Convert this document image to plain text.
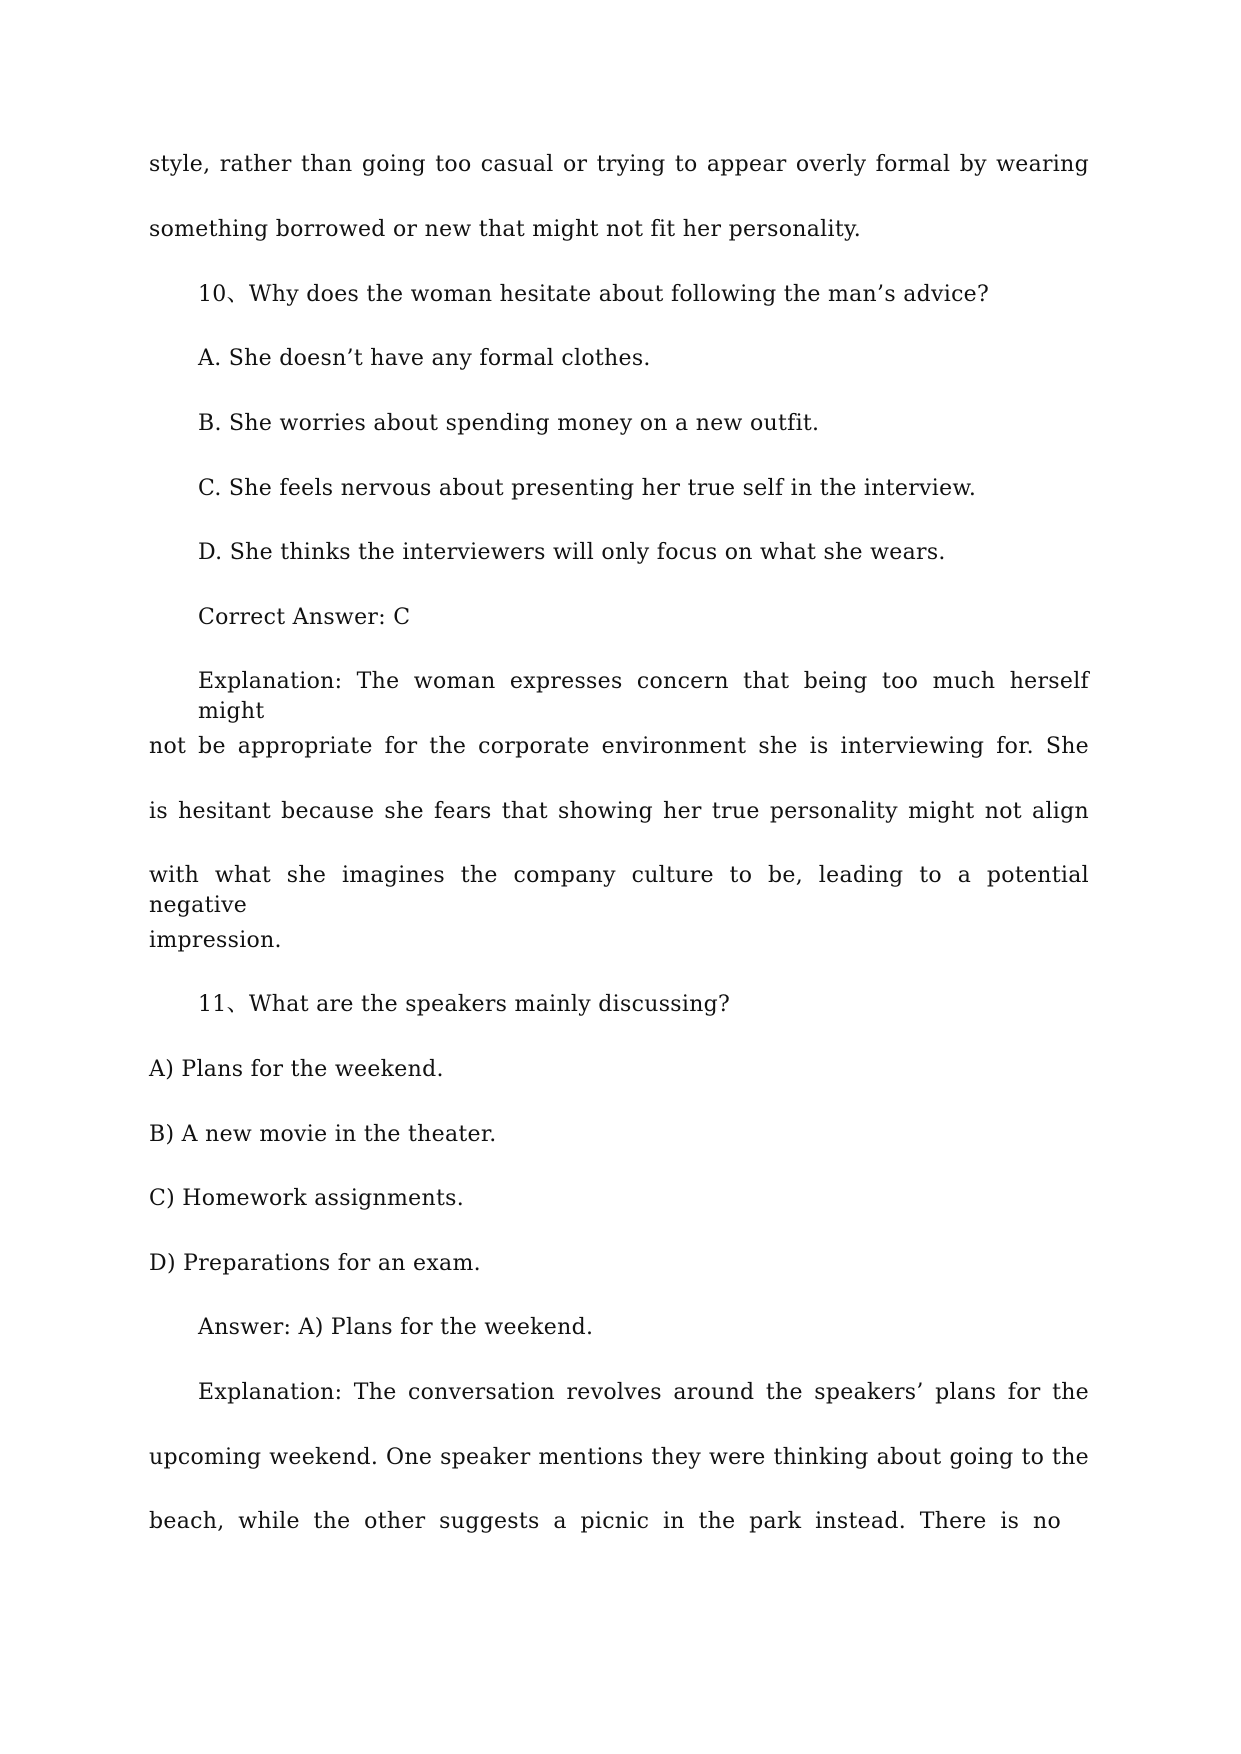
style, rather than going too casual or trying to appear overly formal by wearing
something borrowed or new that might not fit her personality.
10、Why does the woman hesitate about following the man’s advice?
A. She doesn’t have any formal clothes.
B. She worries about spending money on a new outfit.
C. She feels nervous about presenting her true self in the interview.
D. She thinks the interviewers will only focus on what she wears.
Correct Answer: C
Explanation: The woman expresses concern that being too much herself might
not be appropriate for the corporate environment she is interviewing for. She
is hesitant because she fears that showing her true personality might not align
with what she imagines the company culture to be, leading to a potential negative
impression.
11、What are the speakers mainly discussing?
A) Plans for the weekend.
B) A new movie in the theater.
C) Homework assignments.
D) Preparations for an exam.
Answer: A) Plans for the weekend.
Explanation: The conversation revolves around the speakers’ plans for the
upcoming weekend. One speaker mentions they were thinking about going to the
beach, while the other suggests a picnic in the park instead. There is no
